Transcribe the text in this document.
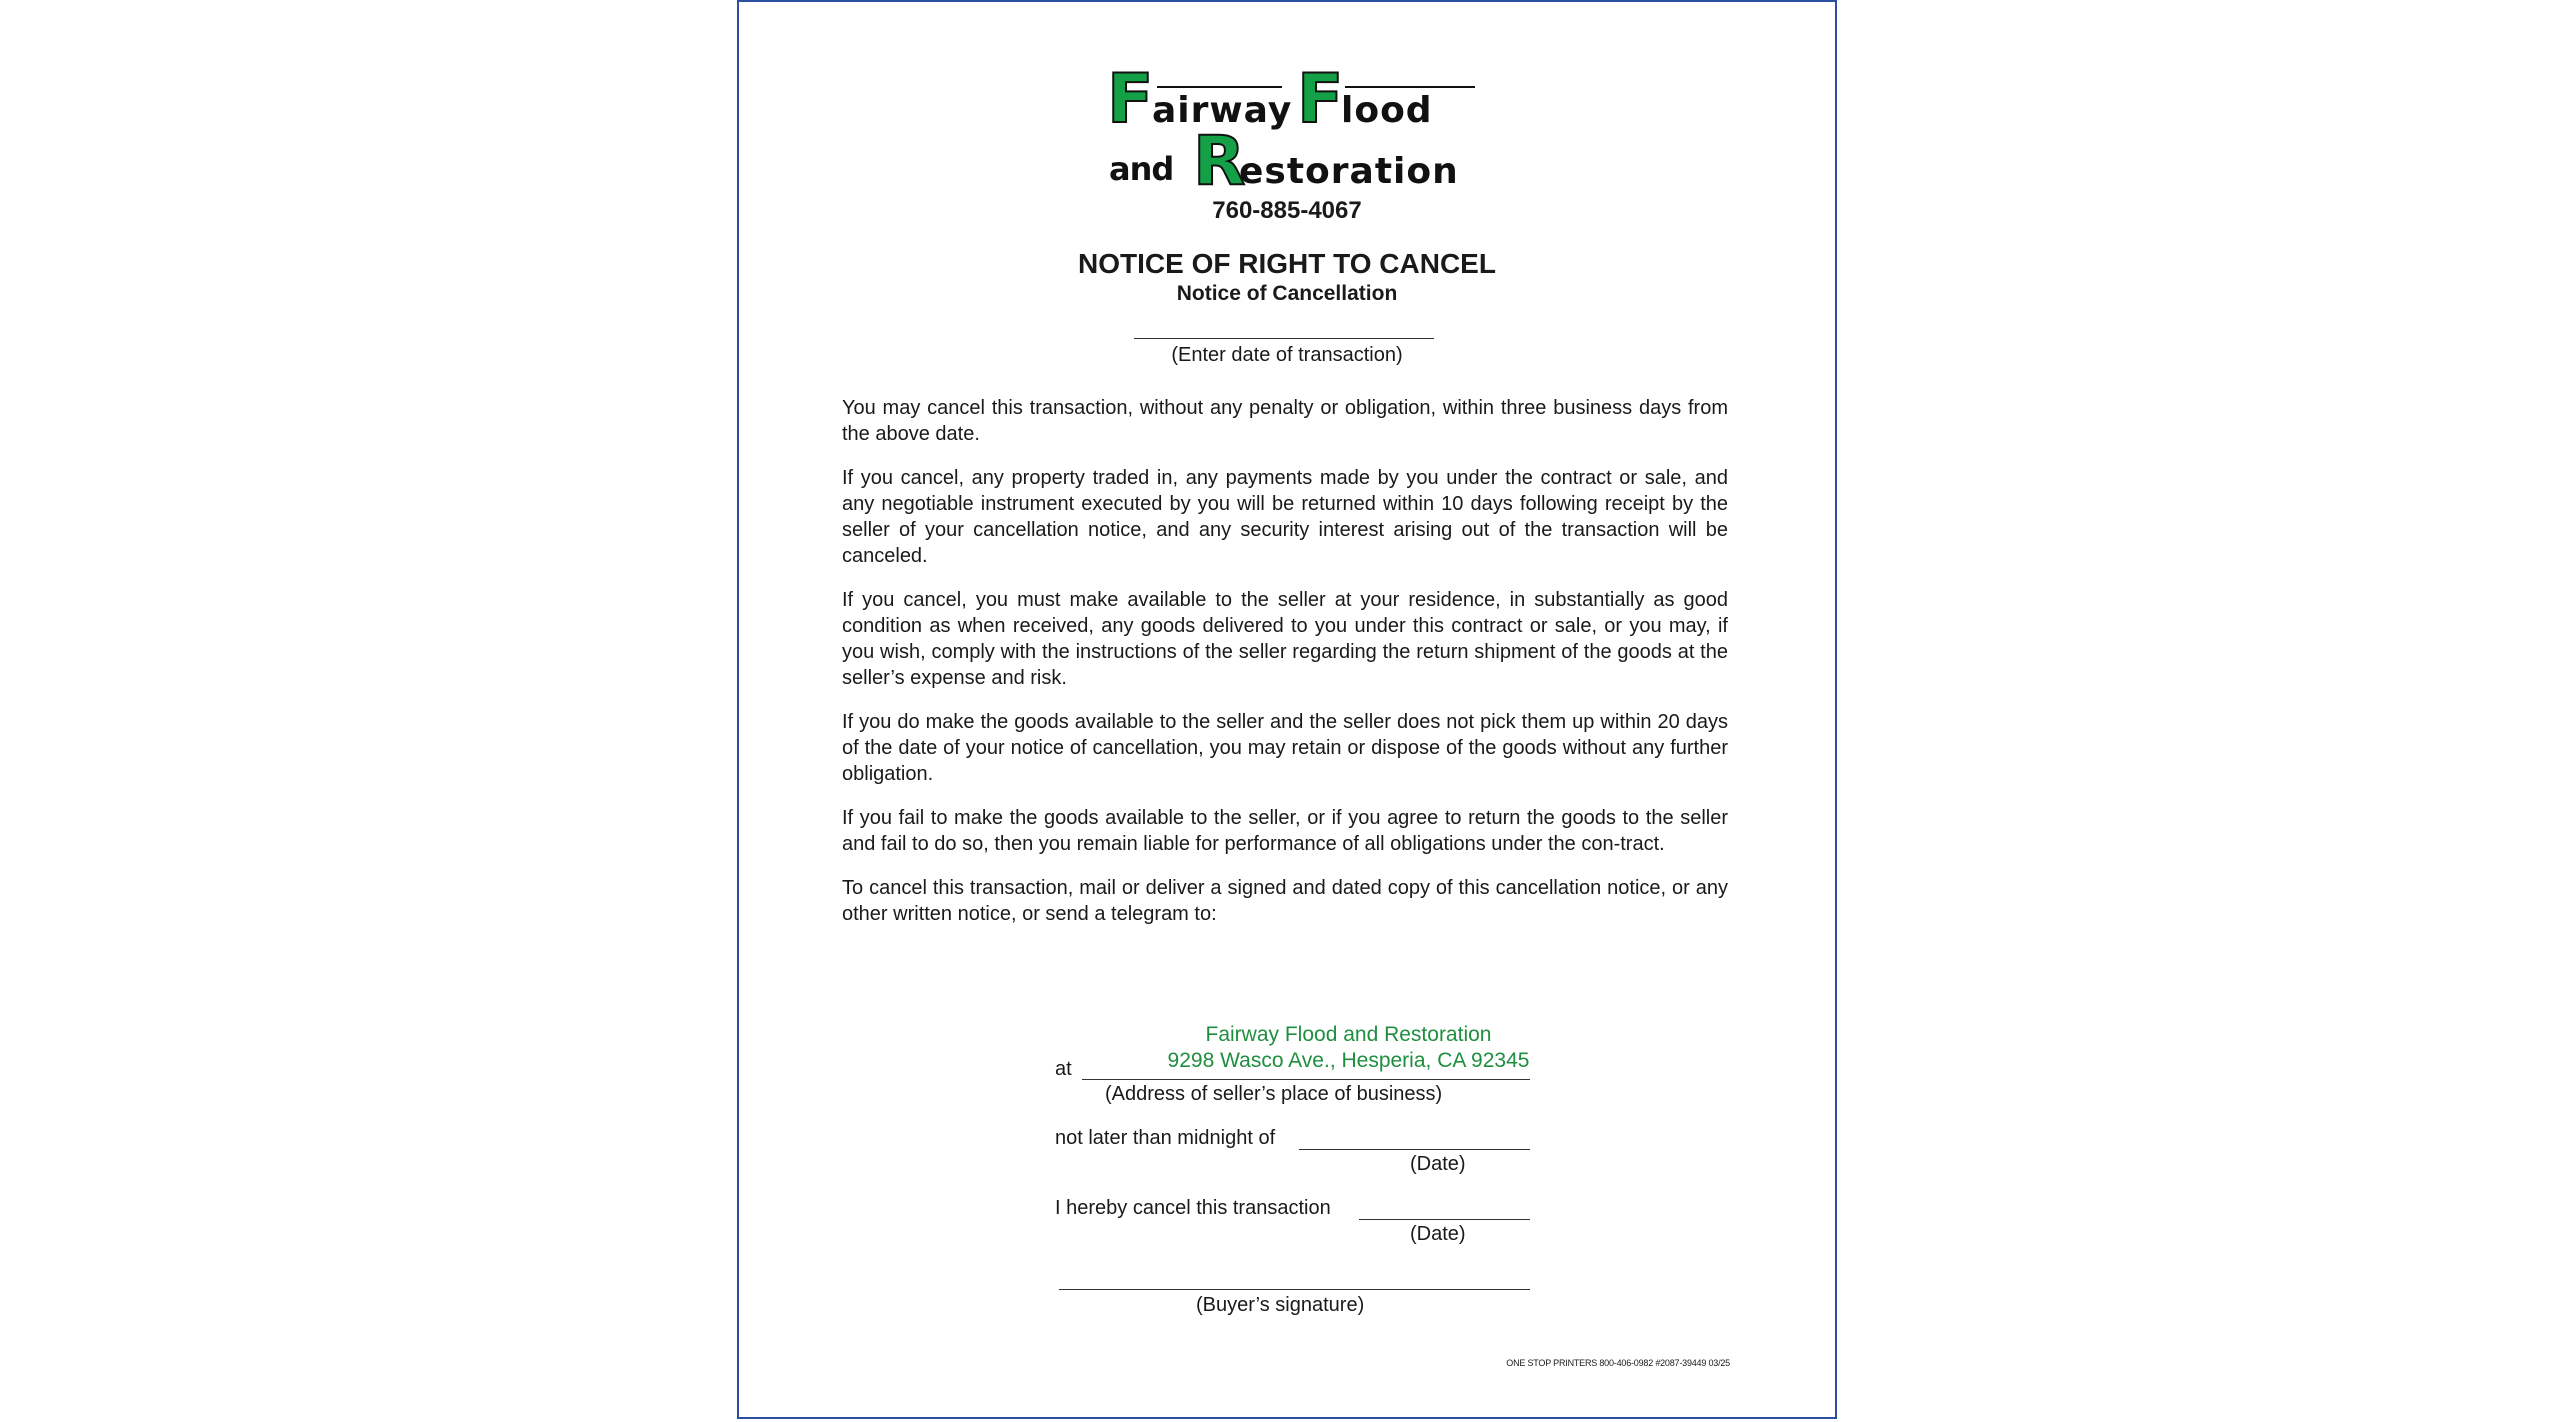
F
airway F
lood
and R
estoration
760-885-4067
NOTICE OF RIGHT TO CANCEL
Notice of Cancellation
(Enter date of transaction)

You may cancel this transaction, without any penalty or obligation, within three business days from the above date.

If you cancel, any property traded in, any payments made by you under the contract or sale, and any negotiable instrument executed by you will be returned within 10 days following receipt by the seller of your cancellation notice, and any security interest arising out of the transaction will be canceled.

If you cancel, you must make available to the seller at your residence, in substantially as good condition as when received, any goods delivered to you under this contract or sale, or you may, if you wish, comply with the instructions of the seller regarding the return shipment of the goods at the seller’s expense and risk.

If you do make the goods available to the seller and the seller does not pick them up within 20 days of the date of your notice of cancellation, you may retain or dispose of the goods without any further obligation.

If you fail to make the goods available to the seller, or if you agree to return the goods to the seller and fail to do so, then you remain liable for performance of all obligations under the con-tract.

To cancel this transaction, mail or deliver a signed and dated copy of this cancellation notice, or any other written notice, or send a telegram to:

Fairway Flood and Restoration
9298 Wasco Ave., Hesperia, CA 92345
at
(Address of seller’s place of business)
not later than midnight of
(Date)
I hereby cancel this transaction
(Date)
(Buyer’s signature)
ONE STOP PRINTERS 800-406-0982 #2087-39449 03/25
